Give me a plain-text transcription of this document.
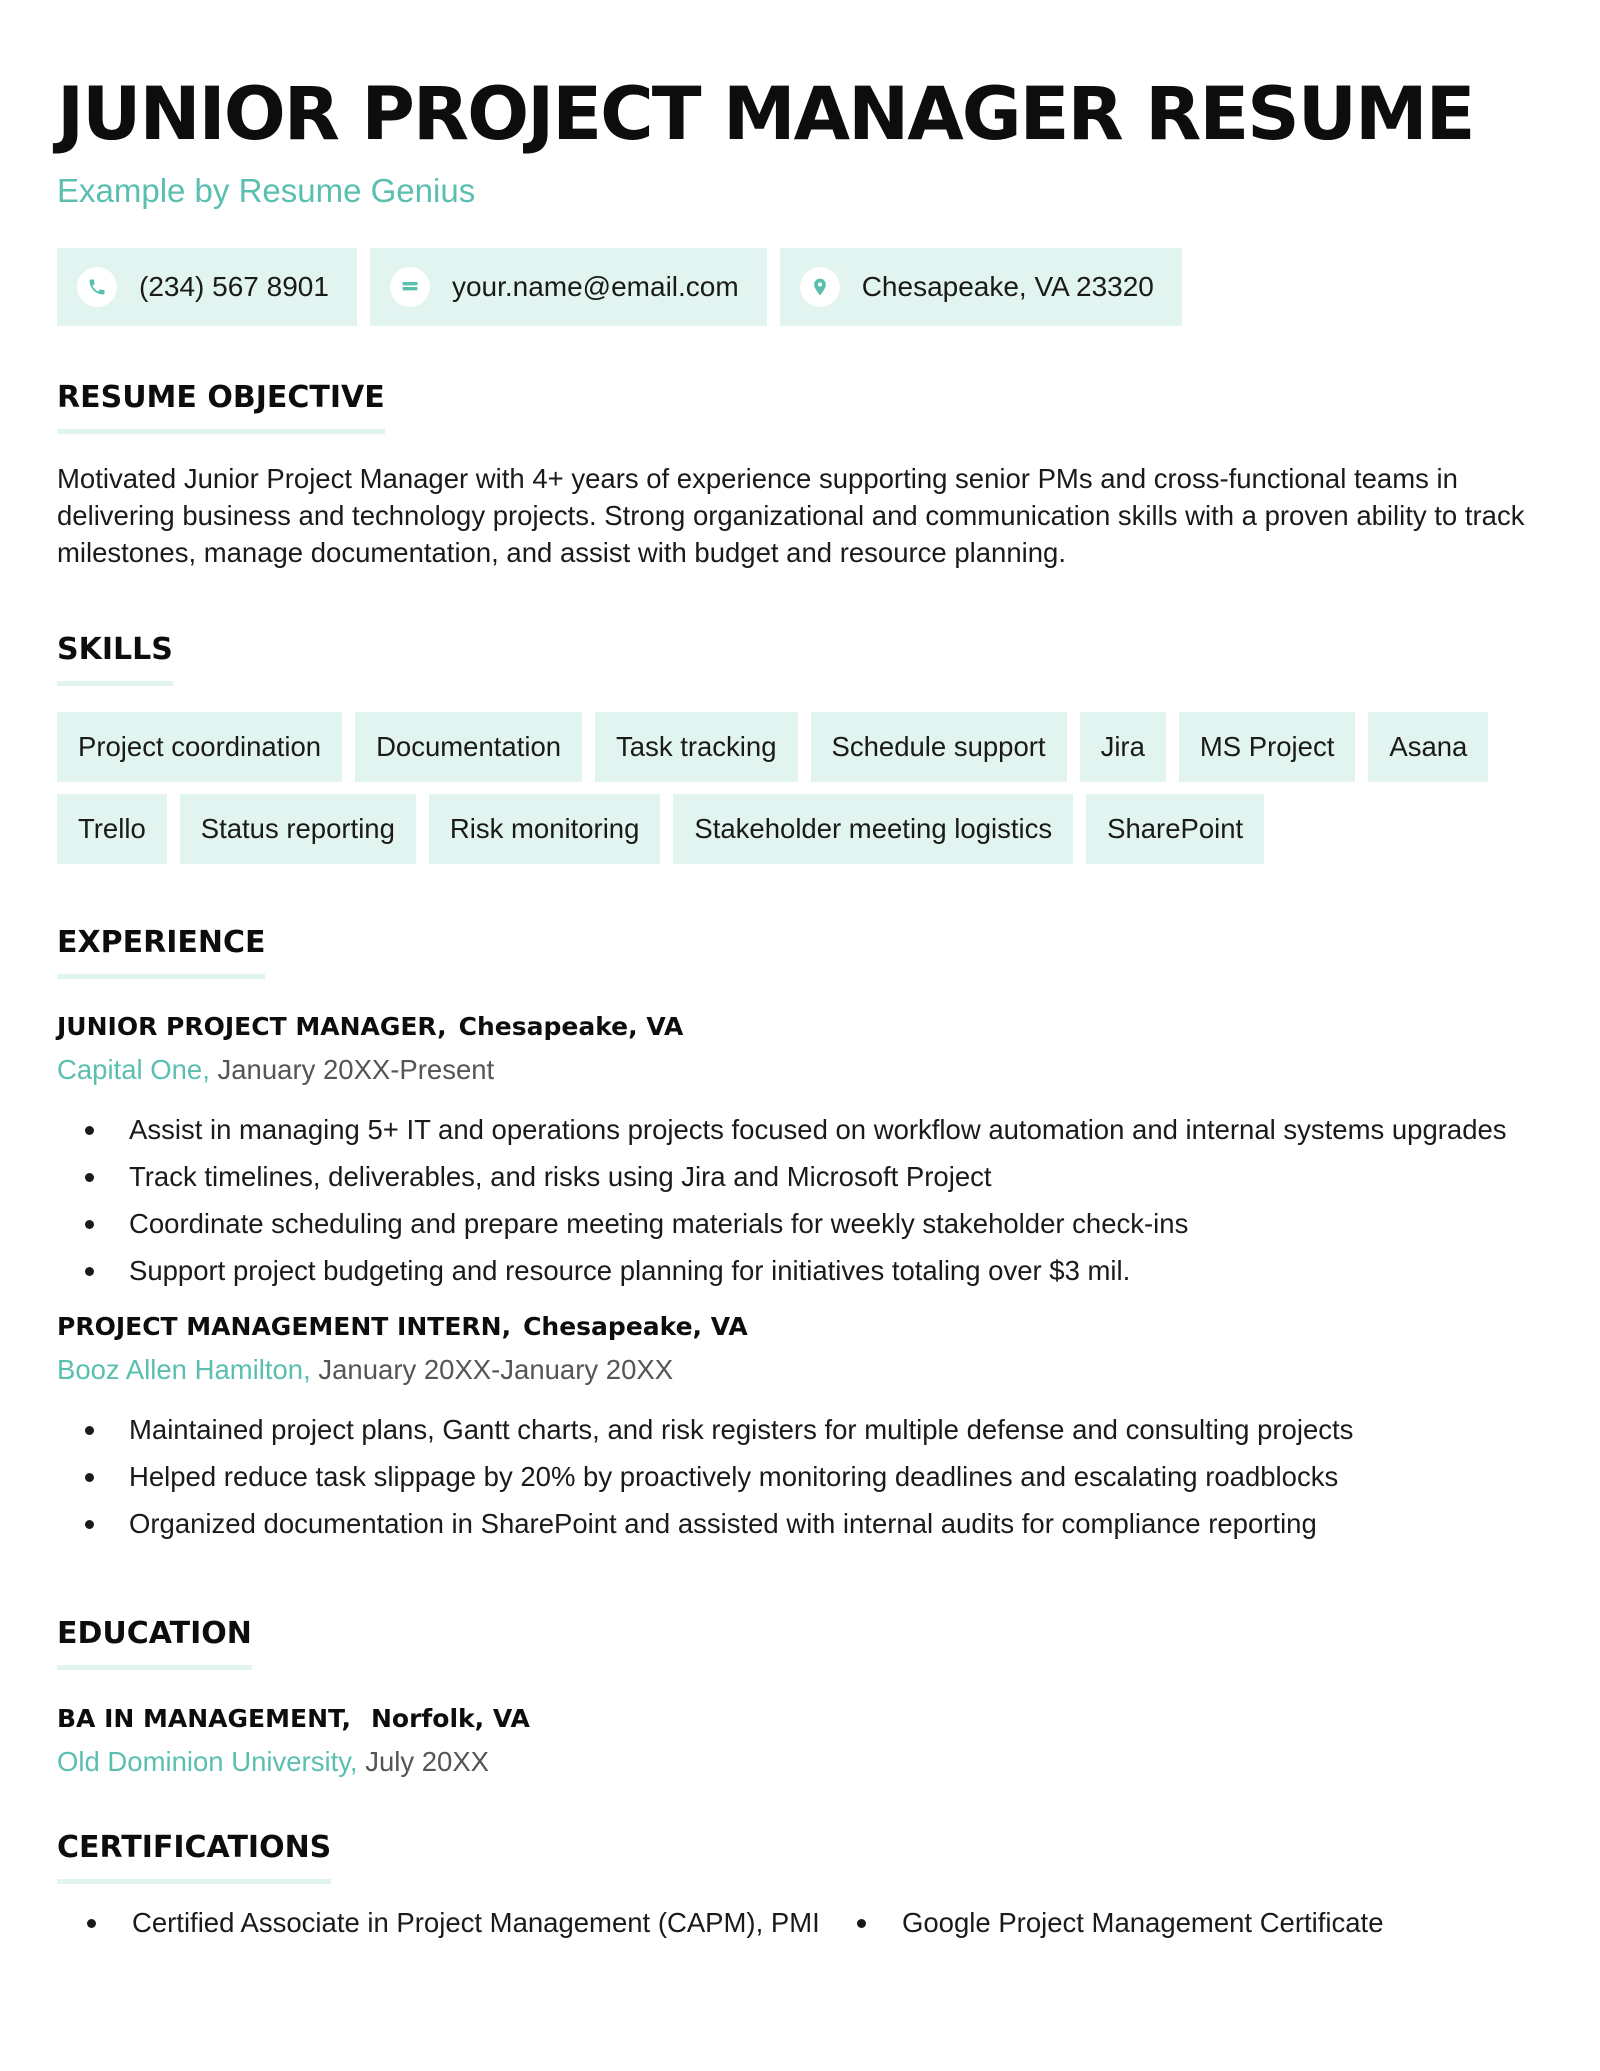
JUNIOR PROJECT MANAGER RESUME
Example by Resume Genius
(234) 567 8901	your.name@email.com	Chesapeake, VA 23320
RESUME OBJECTIVE

Motivated Junior Project Manager with 4+ years of experience supporting senior PMs and cross-functional teams in delivering business and technology projects. Strong organizational and communication skills with a proven ability to track milestones, manage documentation, and assist with budget and resource planning.

SKILLS
Project coordination	Documentation	Task tracking	Schedule support	Jira	MS Project	Asana
Trello	Status reporting	Risk monitoring	Stakeholder meeting logistics	SharePoint
EXPERIENCE
JUNIOR PROJECT MANAGER, Chesapeake, VA
Capital One, January 20XX-Present
Assist in managing 5+ IT and operations projects focused on workflow automation and internal systems upgrades
Track timelines, deliverables, and risks using Jira and Microsoft Project
Coordinate scheduling and prepare meeting materials for weekly stakeholder check-ins
Support project budgeting and resource planning for initiatives totaling over $3 mil.
PROJECT MANAGEMENT INTERN, Chesapeake, VA
Booz Allen Hamilton, January 20XX-January 20XX
Maintained project plans, Gantt charts, and risk registers for multiple defense and consulting projects
Helped reduce task slippage by 20% by proactively monitoring deadlines and escalating roadblocks
Organized documentation in SharePoint and assisted with internal audits for compliance reporting
EDUCATION
BA IN MANAGEMENT, Norfolk, VA
Old Dominion University, July 20XX
CERTIFICATIONS
Certified Associate in Project Management (CAPM), PMI	Google Project Management Certificate
